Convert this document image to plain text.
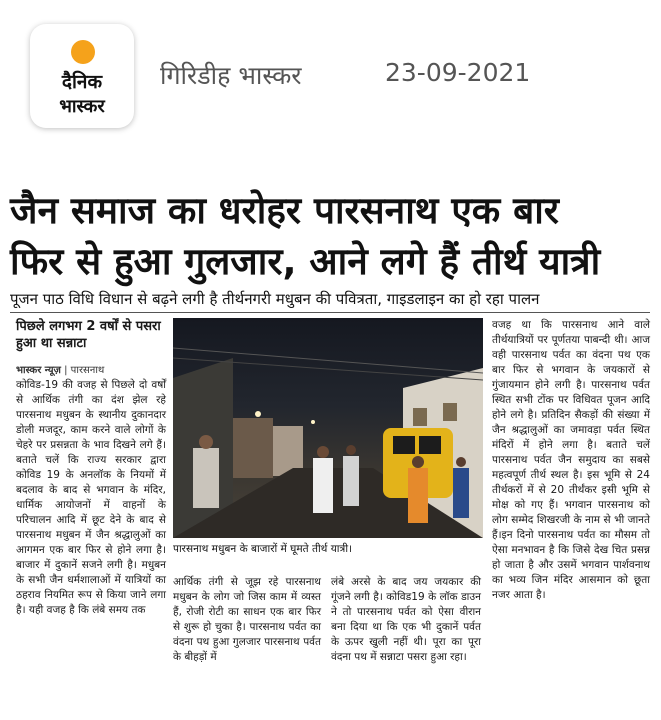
दैनिक
भास्कर
गिरिडीह भास्कर	23-09-2021
जैन समाज का धरोहर पारसनाथ एक बार
फिर से हुआ गुलजार, आने लगे हैं तीर्थ यात्री
पूजन पाठ विधि विधान से बढ़ने लगी है तीर्थनगरी मधुबन की पवित्रता, गाइडलाइन का हो रहा पालन
पिछले लगभग 2 वर्षों से पसरा हुआ था सन्नाटा
भास्कर न्यूज़ | पारसनाथ
कोविड-19 की वजह से पिछले दो वर्षों से आर्थिक तंगी का दंश झेल रहे पारसनाथ मधुबन के स्थानीय दुकानदार डोली मजदूर, काम करने वाले लोगों के चेहरे पर प्रसन्नता के भाव दिखने लगे हैं। बताते चलें कि राज्य सरकार द्वारा कोविड 19 के अनलॉक के नियमों में बदलाव के बाद से भगवान के मंदिर, धार्मिक आयोजनों में वाहनों के परिचालन आदि में छूट देने के बाद से पारसनाथ मधुबन में जैन श्रद्धालुओं का आगमन एक बार फिर से होने लगा है। बाजार में दुकानें सजने लगी है। मधुबन के सभी जैन धर्मशालाओं में यात्रियों का ठहराव नियमित रूप से किया जाने लगा है। यही वजह है कि लंबे समय तक
पारसनाथ मधुबन के बाजारों में घूमते तीर्थ यात्री।
आर्थिक तंगी से जूझ रहे पारसनाथ मधुबन के लोग जो जिस काम में व्यस्त हैं, रोजी रोटी का साधन एक बार फिर से शुरू हो चुका है। पारसनाथ पर्वत का वंदना पथ हुआ गुलजार पारसनाथ पर्वत के बीहड़ों में
लंबे अरसे के बाद जय जयकार की गूंजने लगी है। कोविड19 के लॉक डाउन ने तो पारसनाथ पर्वत को ऐसा वीरान बना दिया था कि एक भी दुकानें पर्वत के ऊपर खुली नहीं थी। पूरा का पूरा वंदना पथ में सन्नाटा पसरा हुआ रहा।
वजह था कि पारसनाथ आने वाले तीर्थयात्रियों पर पूर्णतया पाबन्दी थी। आज वही पारसनाथ पर्वत का वंदना पथ एक बार फिर से भगवान के जयकारों से गुंजायमान होने लगी है। पारसनाथ पर्वत स्थित सभी टोंक पर विधिवत पूजन आदि होने लगे है। प्रतिदिन सैकड़ों की संख्या में जैन श्रद्धालुओं का जमावड़ा पर्वत स्थित मंदिरों में होने लगा है। बताते चलें पारसनाथ पर्वत जैन समुदाय का सबसे महत्वपूर्ण तीर्थ स्थल है। इस भूमि से 24 तीर्थकरों में से 20 तीर्थंकर इसी भूमि से मोक्ष को गए हैं। भगवान पारसनाथ को लोग सम्मेद शिखरजी के नाम से भी जानते हैं।इन दिनो पारसनाथ पर्वत का मौसम तो ऐसा मनभावन है कि जिसे देख चित प्रसन्न हो जाता है और उसमें भगवान पार्शवनाथ का भव्य जिन मंदिर आसमान को छूता नजर आता है।
